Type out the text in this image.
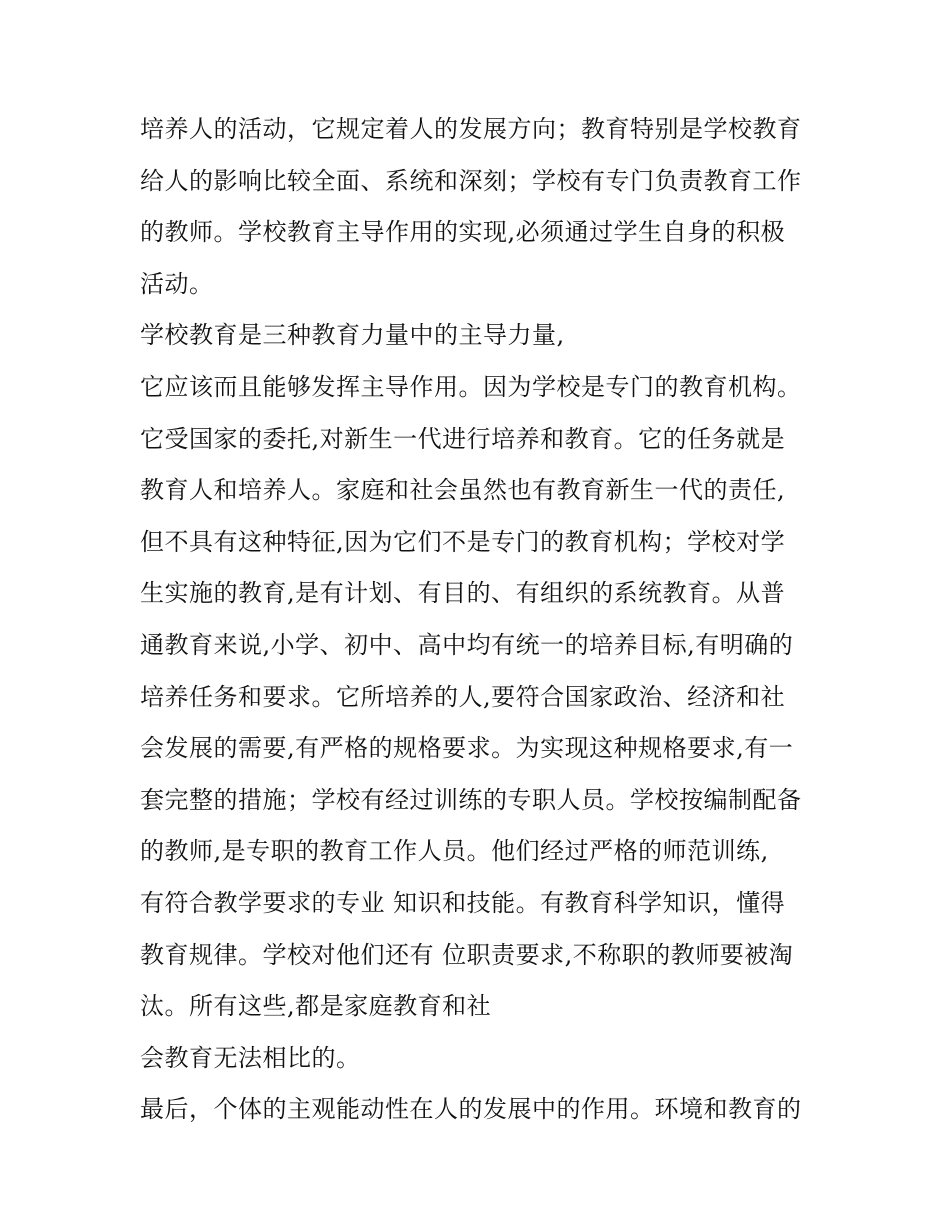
培养人的活动，它规定着人的发展方向；教育特别是学校教育
给人的影响比较全面、系统和深刻；学校有专门负责教育工作
的教师。学校教育主导作用的实现,必须通过学生自身的积极
活动。
学校教育是三种教育力量中的主导力量,
它应该而且能够发挥主导作用。因为学校是专门的教育机构。
它受国家的委托,对新生一代进行培养和教育。它的任务就是
教育人和培养人。家庭和社会虽然也有教育新生一代的责任,
但不具有这种特征,因为它们不是专门的教育机构；学校对学
生实施的教育,是有计划、有目的、有组织的系统教育。从普
通教育来说,小学、初中、高中均有统一的培养目标,有明确的
培养任务和要求。它所培养的人,要符合国家政治、经济和社
会发展的需要,有严格的规格要求。为实现这种规格要求,有一
套完整的措施；学校有经过训练的专职人员。学校按编制配备
的教师,是专职的教育工作人员。他们经过严格的师范训练,
有符合教学要求的专业 知识和技能。有教育科学知识，懂得
教育规律。学校对他们还有 位职责要求,不称职的教师要被淘
汰。所有这些,都是家庭教育和社
会教育无法相比的。
最后，个体的主观能动性在人的发展中的作用。环境和教育的
